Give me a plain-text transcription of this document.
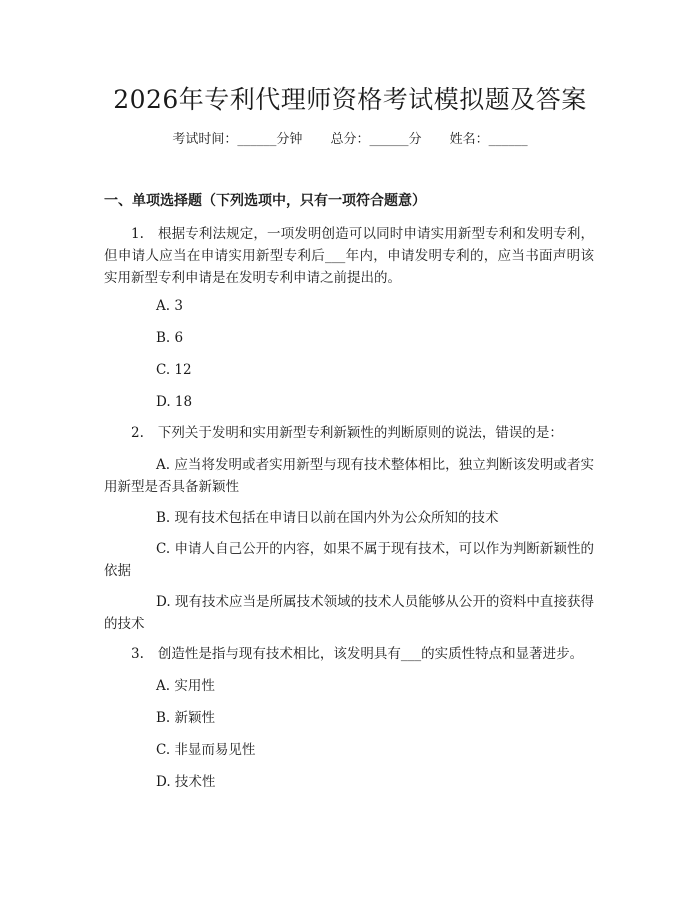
2026年专利代理师资格考试模拟题及答案
考试时间：______分钟 总分：______分 姓名：______
一、单项选择题（下列选项中，只有一项符合题意）
1. 根据专利法规定，一项发明创造可以同时申请实用新型专利和发明专利，但申请人应当在申请实用新型专利后___年内，申请发明专利的，应当书面声明该实用新型专利申请是在发明专利申请之前提出的。
A. 3
B. 6
C. 12
D. 18
2. 下列关于发明和实用新型专利新颖性的判断原则的说法，错误的是：
A. 应当将发明或者实用新型与现有技术整体相比，独立判断该发明或者实用新型是否具备新颖性
B. 现有技术包括在申请日以前在国内外为公众所知的技术
C. 申请人自己公开的内容，如果不属于现有技术，可以作为判断新颖性的依据
D. 现有技术应当是所属技术领域的技术人员能够从公开的资料中直接获得的技术
3. 创造性是指与现有技术相比，该发明具有___的实质性特点和显著进步。
A. 实用性
B. 新颖性
C. 非显而易见性
D. 技术性
